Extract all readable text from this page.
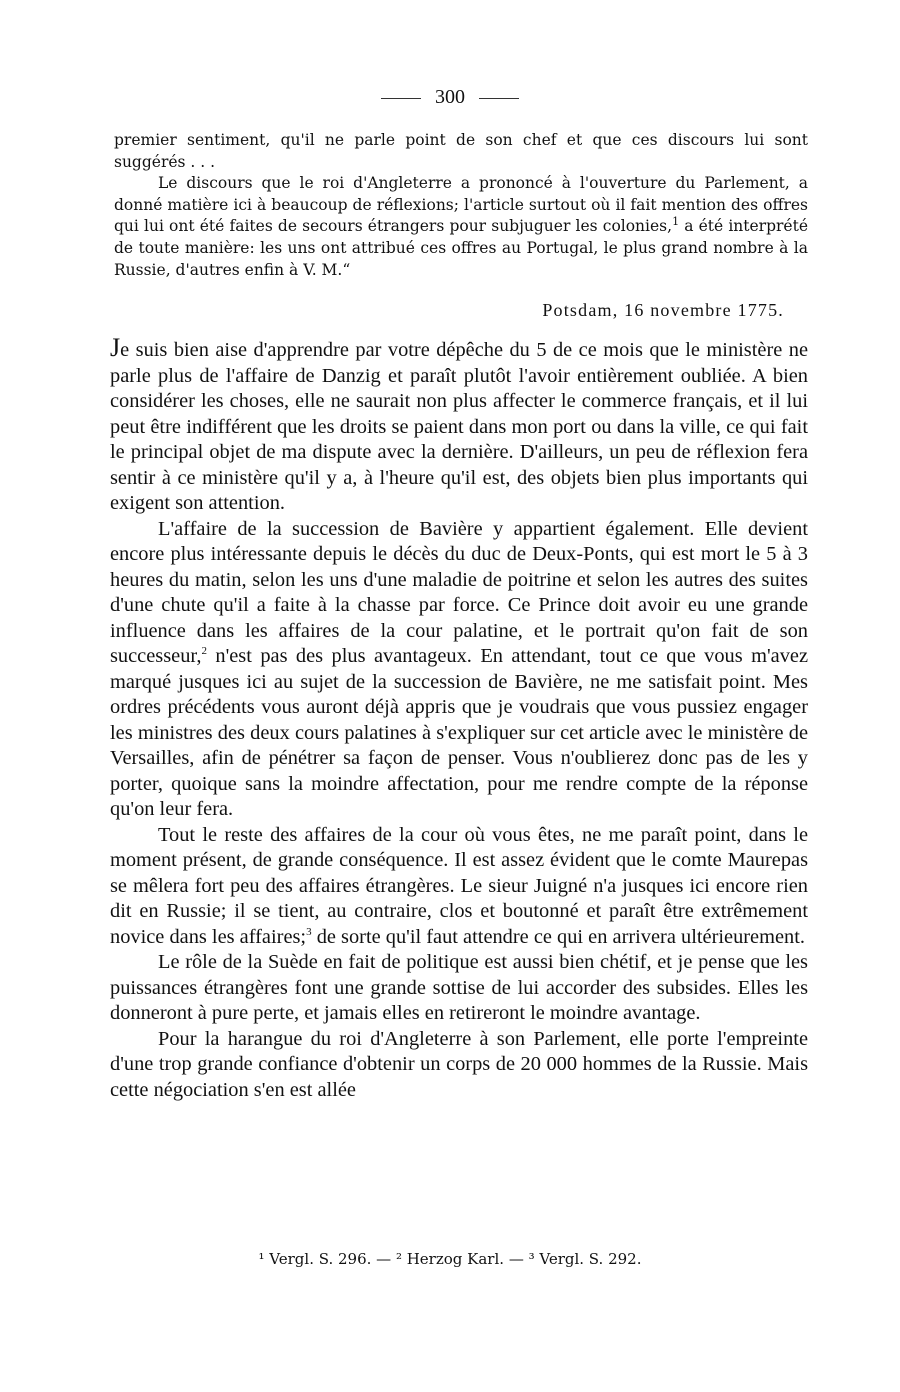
300

premier sentiment, qu'il ne parle point de son chef et que ces discours lui sont suggérés . . .

Le discours que le roi d'Angleterre a prononcé à l'ouverture du Parlement, a donné matière ici à beaucoup de réflexions; l'article surtout où il fait mention des offres qui lui ont été faites de secours étrangers pour subjuguer les colonies,$^1$ a été interprété de toute manière: les uns ont attribué ces offres au Portugal, le plus grand nombre à la Russie, d'autres enfin à V. M.“

Potsdam, 16 novembre 1775.

Je suis bien aise d'apprendre par votre dépêche du 5 de ce mois que le ministère ne parle plus de l'affaire de Danzig et paraît plutôt l'avoir entièrement oubliée. A bien considérer les choses, elle ne saurait non plus affecter le commerce français, et il lui peut être indifférent que les droits se paient dans mon port ou dans la ville, ce qui fait le principal objet de ma dispute avec la dernière. D'ailleurs, un peu de réflexion fera sentir à ce ministère qu'il y a, à l'heure qu'il est, des objets bien plus importants qui exigent son attention.

L'affaire de la succession de Bavière y appartient également. Elle devient encore plus intéressante depuis le décès du duc de Deux-Ponts, qui est mort le 5 à 3 heures du matin, selon les uns d'une maladie de poitrine et selon les autres des suites d'une chute qu'il a faite à la chasse par force. Ce Prince doit avoir eu une grande influence dans les affaires de la cour palatine, et le portrait qu'on fait de son successeur,$^2$ n'est pas des plus avantageux. En attendant, tout ce que vous m'avez marqué jusques ici au sujet de la succession de Bavière, ne me satisfait point. Mes ordres précédents vous auront déjà appris que je voudrais que vous pussiez engager les ministres des deux cours palatines à s'expliquer sur cet article avec le ministère de Versailles, afin de pénétrer sa façon de penser. Vous n'oublierez donc pas de les y porter, quoique sans la moindre affectation, pour me rendre compte de la réponse qu'on leur fera.

Tout le reste des affaires de la cour où vous êtes, ne me paraît point, dans le moment présent, de grande conséquence. Il est assez évident que le comte Maurepas se mêlera fort peu des affaires étrangères. Le sieur Juigné n'a jusques ici encore rien dit en Russie; il se tient, au contraire, clos et boutonné et paraît être extrêmement novice dans les affaires;$^3$ de sorte qu'il faut attendre ce qui en arrivera ultérieurement.

Le rôle de la Suède en fait de politique est aussi bien chétif, et je pense que les puissances étrangères font une grande sottise de lui accorder des subsides. Elles les donneront à pure perte, et jamais elles en retireront le moindre avantage.

Pour la harangue du roi d'Angleterre à son Parlement, elle porte l'empreinte d'une trop grande confiance d'obtenir un corps de 20 000 hommes de la Russie. Mais cette négociation s'en est allée

¹ Vergl. S. 296. — ² Herzog Karl. — ³ Vergl. S. 292.
